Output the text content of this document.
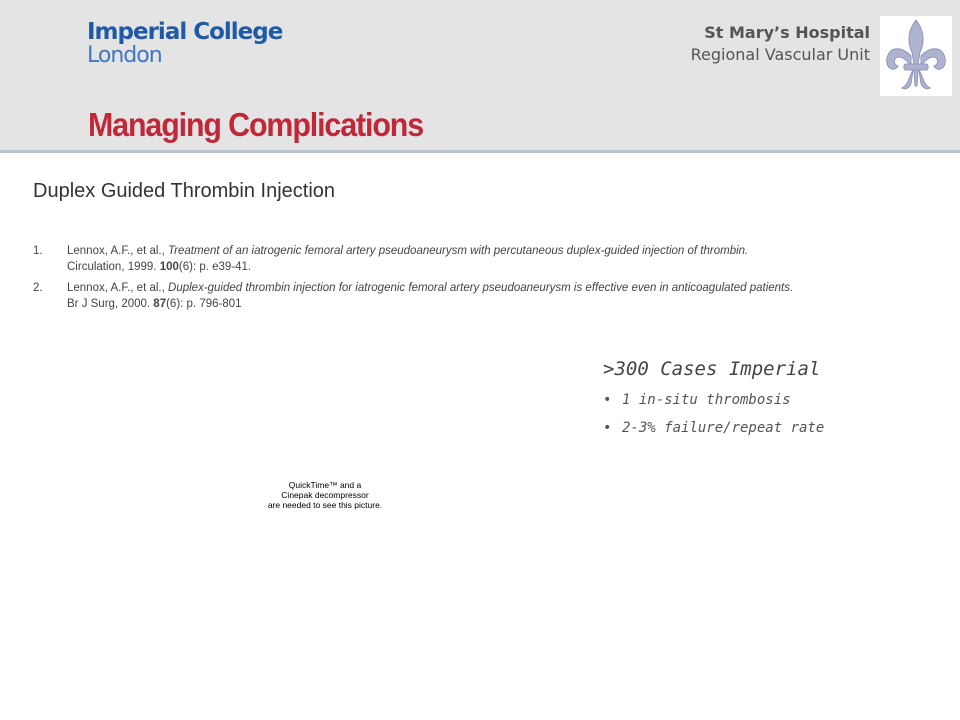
Imperial College
London
St Mary’s Hospital
Regional Vascular Unit
Managing Complications
Duplex Guided Thrombin Injection
1. Lennox, A.F., et al., Treatment of an iatrogenic femoral artery pseudoaneurysm with percutaneous duplex-guided injection of thrombin. Circulation, 1999. 100(6): p. e39-41.
2. Lennox, A.F., et al., Duplex-guided thrombin injection for iatrogenic femoral artery pseudoaneurysm is effective even in anticoagulated patients. Br J Surg, 2000. 87(6): p. 796-801
>300 Cases Imperial
• 1 in-situ thrombosis
• 2-3% failure/repeat rate
QuickTime™ and a
Cinepak decompressor
are needed to see this picture.
